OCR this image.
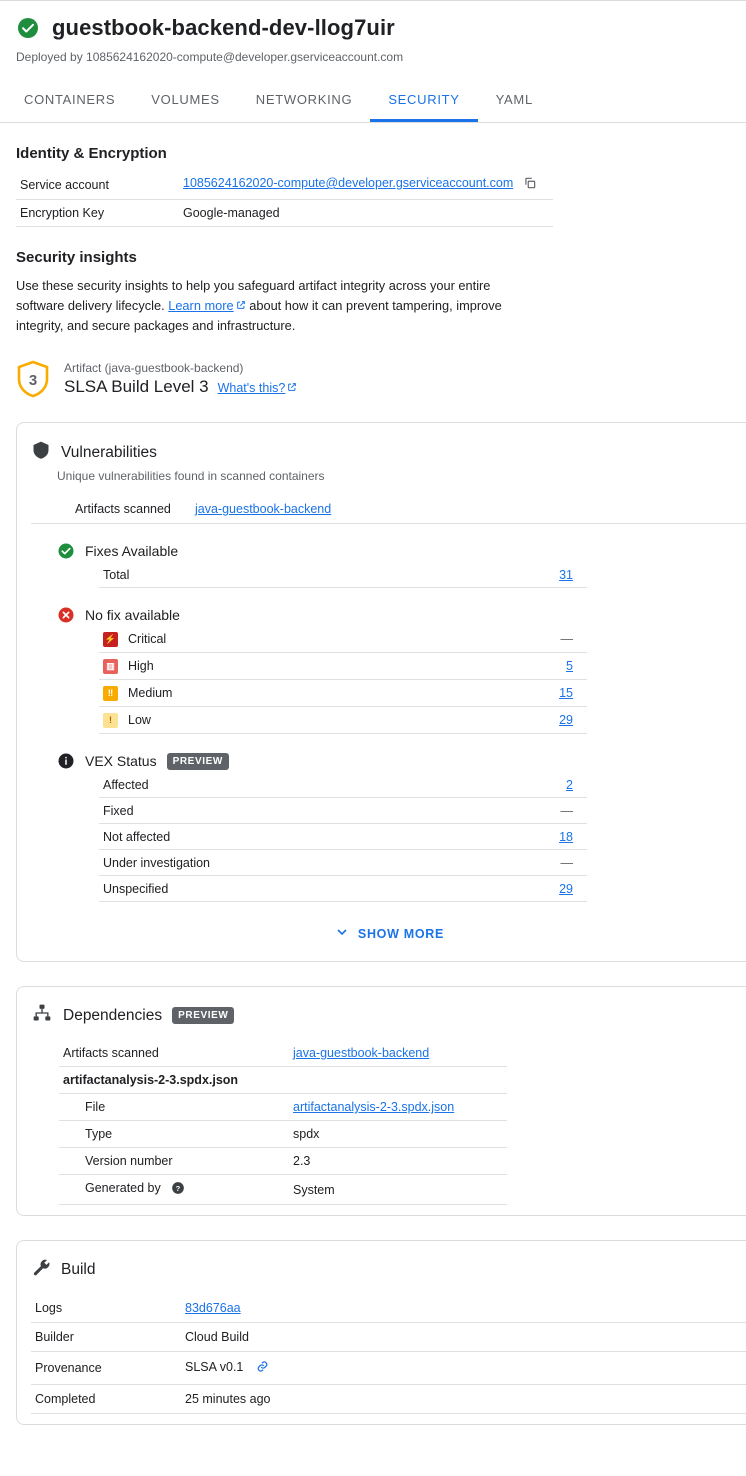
guestbook-backend-dev-llog7uir
Deployed by 1085624162020-compute@developer.gserviceaccount.com
CONTAINERS	VOLUMES	NETWORKING	SECURITY	YAML
Identity & Encryption
Service account	1085624162020-compute@developer.gserviceaccount.com
Encryption Key	Google-managed
Security insights

Use these security insights to help you safeguard artifact integrity across your entire software delivery lifecycle. Learn more about how it can prevent tampering, improve integrity, and secure packages and infrastructure.

3
Artifact (java-guestbook-backend)
SLSA Build Level 3 What's this?
Vulnerabilities
Unique vulnerabilities found in scanned containers
Artifacts scanned	java-guestbook-backend
Fixes Available
Total	31
No fix available
⚡ Critical	—

▥ High	5

‼ Medium	15

! Low	29
VEX Status	PREVIEW
Affected	2
Fixed	—
Not affected	18
Under investigation	—
Unspecified	29
SHOW MORE
Dependencies	PREVIEW
Artifacts scanned	java-guestbook-backend
artifactanalysis-2-3.spdx.json	
File	artifactanalysis-2-3.spdx.json
Type	spdx
Version number	2.3
Generated by ?	System
Build
Logs	83d676aa
Builder	Cloud Build
Provenance	SLSA v0.1
Completed	25 minutes ago
